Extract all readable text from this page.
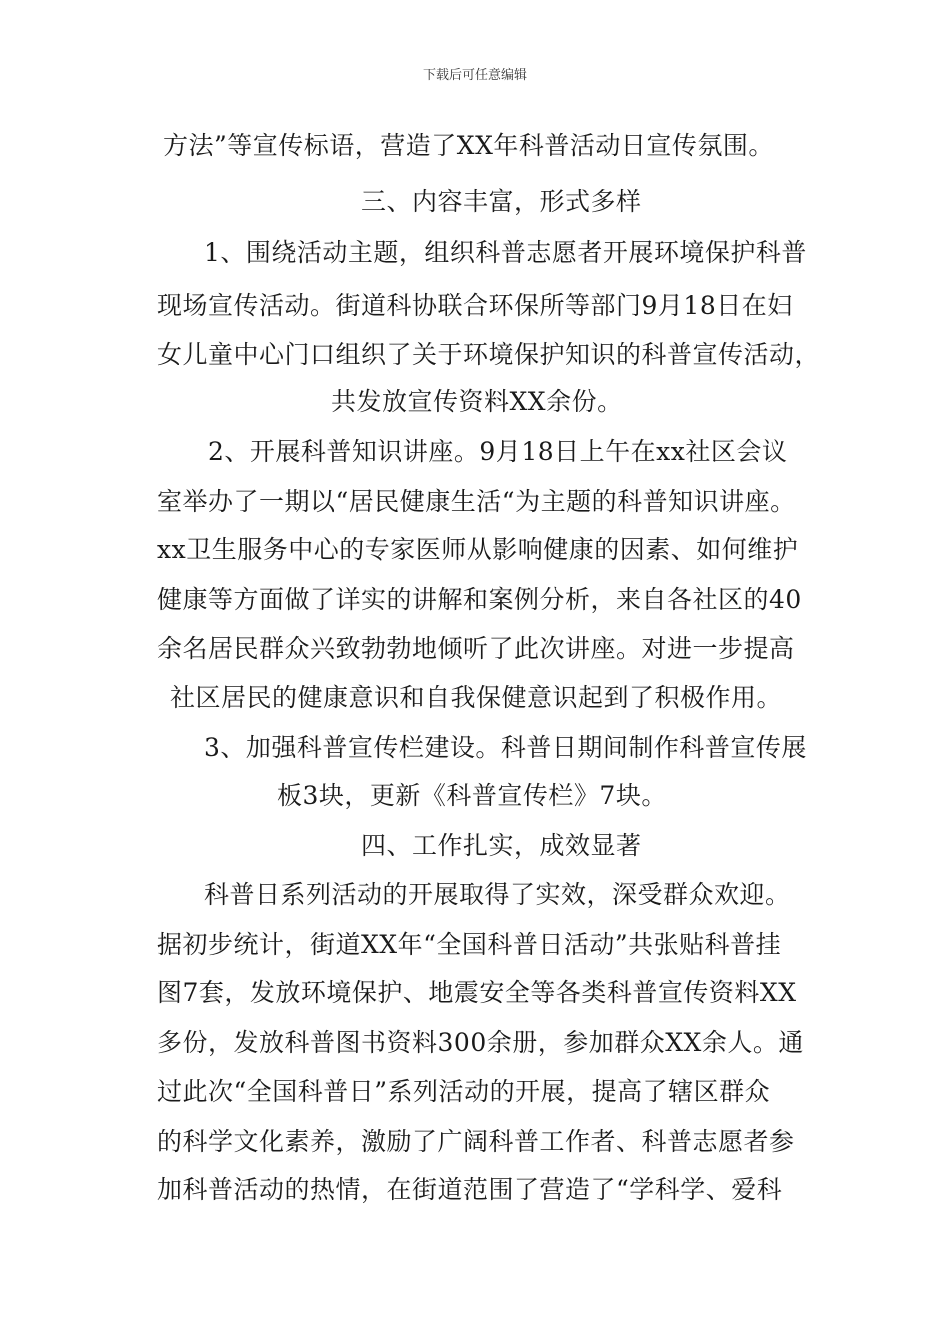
下载后可任意编辑
方法”等宣传标语，营造了XX年科普活动日宣传氛围。
三、内容丰富，形式多样
1、围绕活动主题，组织科普志愿者开展环境保护科普
现场宣传活动。街道科协联合环保所等部门9月18日在妇
女儿童中心门口组织了关于环境保护知识的科普宣传活动，
共发放宣传资料XX余份。
2、开展科普知识讲座。9月18日上午在xx社区会议
室举办了一期以“居民健康生活“为主题的科普知识讲座。
xx卫生服务中心的专家医师从影响健康的因素、如何维护
健康等方面做了详实的讲解和案例分析，来自各社区的40
余名居民群众兴致勃勃地倾听了此次讲座。对进一步提高
社区居民的健康意识和自我保健意识起到了积极作用。
3、加强科普宣传栏建设。科普日期间制作科普宣传展
板3块，更新《科普宣传栏》7块。
四、工作扎实，成效显著
科普日系列活动的开展取得了实效，深受群众欢迎。
据初步统计，街道XX年“全国科普日活动”共张贴科普挂
图7套，发放环境保护、地震安全等各类科普宣传资料XX
多份，发放科普图书资料300余册，参加群众XX余人。通
过此次“全国科普日”系列活动的开展，提高了辖区群众
的科学文化素养，激励了广阔科普工作者、科普志愿者参
加科普活动的热情，在街道范围了营造了“学科学、爱科
